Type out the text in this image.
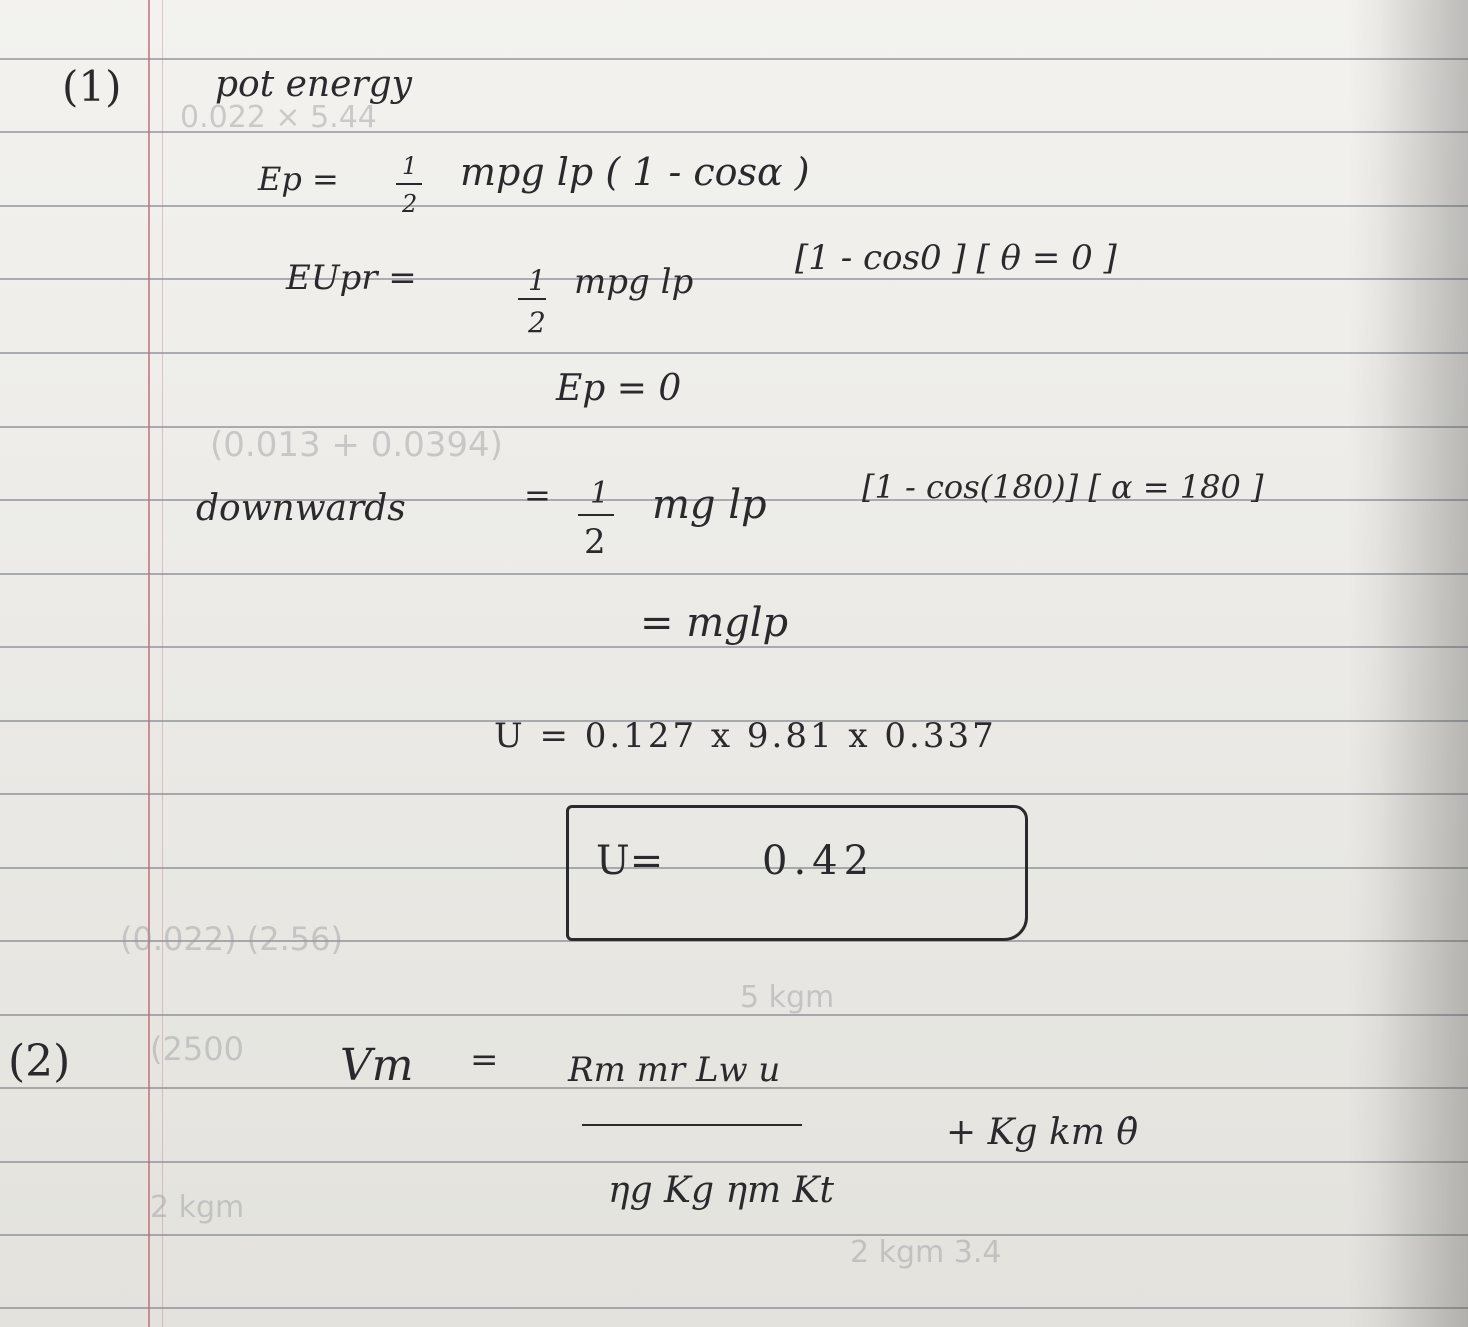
0.022 × 5.44
(0.013 + 0.0394)
(0.022) (2.56)
(2500
2 kgm
5 kgm
2 kgm 3.4
(1)	pot energy
Ep =	1
2
mpg lp ( 1 - cosα )
EUpr =	1
2
mpg lp
[1 - cos0 ] [ θ = 0 ]
Ep = 0
downwards	= 1
2
mg lp	[1 - cos(180)] [ α = 180 ]
= mglp
U = 0.127 x 9.81 x 0.337
U= 0.42
(2)	Vm = Rm mr Lw u
ηg Kg ηm Kt
+ Kg km θ̇
